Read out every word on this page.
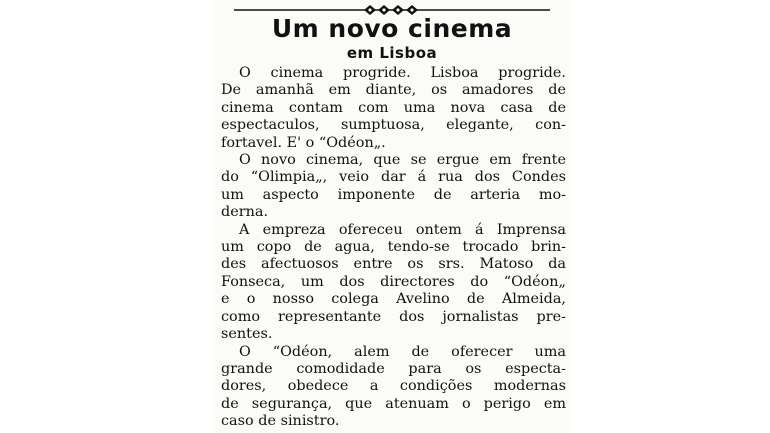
Um novo cinema
em Lisboa

O cinema progride. Lisboa progride.
De amanhã em diante, os amadores de
cinema contam com uma nova casa de
espectaculos, sumptuosa, elegante, con-
fortavel. E' o “Odéon„.

O novo cinema, que se ergue em frente
do “Olimpia„, veio dar á rua dos Condes
um aspecto imponente de arteria mo-
derna.

A empreza ofereceu ontem á Imprensa
um copo de agua, tendo-se trocado brin-
des afectuosos entre os srs. Matoso da
Fonseca, um dos directores do “Odéon„
e o nosso colega Avelino de Almeida,
como representante dos jornalistas pre-
sentes.

O “Odéon, alem de oferecer uma
grande comodidade para os especta-
dores, obedece a condições modernas
de segurança, que atenuam o perigo em
caso de sinistro.
